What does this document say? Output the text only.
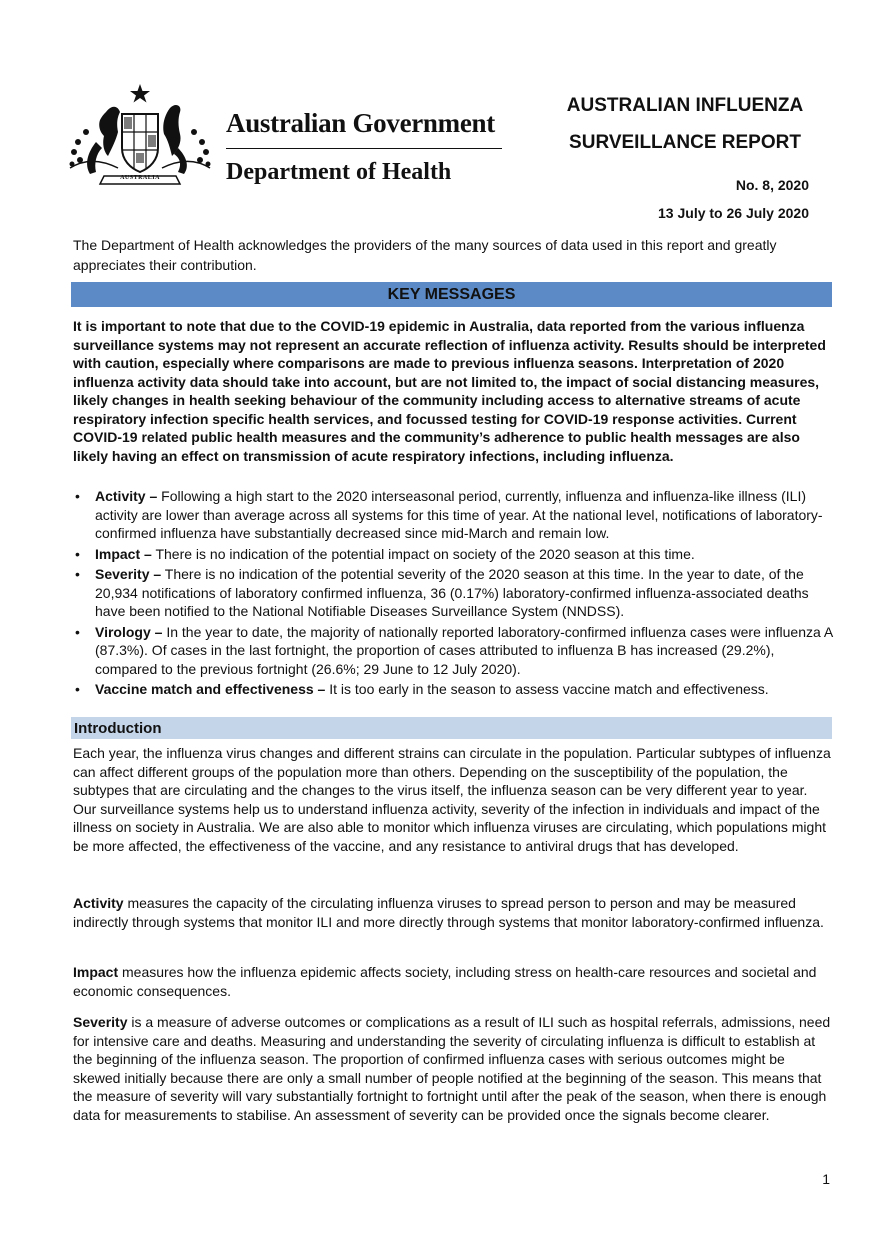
AUSTRALIA
Australian Government
Department of Health
AUSTRALIAN INFLUENZA
SURVEILLANCE REPORT
No. 8, 2020
13 July to 26 July 2020
The Department of Health acknowledges the providers of the many sources of data used in this report and greatly appreciates their contribution.
KEY MESSAGES
It is important to note that due to the COVID-19 epidemic in Australia, data reported from the various influenza surveillance systems may not represent an accurate reflection of influenza activity. Results should be interpreted with caution, especially where comparisons are made to previous influenza seasons. Interpretation of 2020 influenza activity data should take into account, but are not limited to, the impact of social distancing measures, likely changes in health seeking behaviour of the community including access to alternative streams of acute respiratory infection specific health services, and focussed testing for COVID-19 response activities. Current COVID-19 related public health measures and the community’s adherence to public health messages are also likely having an effect on transmission of acute respiratory infections, including influenza.
• Activity – Following a high start to the 2020 interseasonal period, currently, influenza and influenza-like illness (ILI) activity are lower than average across all systems for this time of year. At the national level, notifications of laboratory-confirmed influenza have substantially decreased since mid-March and remain low.
• Impact – There is no indication of the potential impact on society of the 2020 season at this time.
• Severity – There is no indication of the potential severity of the 2020 season at this time. In the year to date, of the 20,934 notifications of laboratory confirmed influenza, 36 (0.17%) laboratory-confirmed influenza-associated deaths have been notified to the National Notifiable Diseases Surveillance System (NNDSS).
• Virology – In the year to date, the majority of nationally reported laboratory-confirmed influenza cases were influenza A (87.3%). Of cases in the last fortnight, the proportion of cases attributed to influenza B has increased (29.2%), compared to the previous fortnight (26.6%; 29 June to 12 July 2020).
• Vaccine match and effectiveness – It is too early in the season to assess vaccine match and effectiveness.
Introduction

Each year, the influenza virus changes and different strains can circulate in the population. Particular subtypes of influenza can affect different groups of the population more than others. Depending on the susceptibility of the population, the subtypes that are circulating and the changes to the virus itself, the influenza season can be very different year to year. Our surveillance systems help us to understand influenza activity, severity of the infection in individuals and impact of the illness on society in Australia. We are also able to monitor which influenza viruses are circulating, which populations might be more affected, the effectiveness of the vaccine, and any resistance to antiviral drugs that has developed.

Activity measures the capacity of the circulating influenza viruses to spread person to person and may be measured indirectly through systems that monitor ILI and more directly through systems that monitor laboratory-confirmed influenza.

Impact measures how the influenza epidemic affects society, including stress on health-care resources and societal and economic consequences.

Severity is a measure of adverse outcomes or complications as a result of ILI such as hospital referrals, admissions, need for intensive care and deaths. Measuring and understanding the severity of circulating influenza is difficult to establish at the beginning of the influenza season. The proportion of confirmed influenza cases with serious outcomes might be skewed initially because there are only a small number of people notified at the beginning of the season. This means that the measure of severity will vary substantially fortnight to fortnight until after the peak of the season, when there is enough data for measurements to stabilise. An assessment of severity can be provided once the signals become clearer.

1
